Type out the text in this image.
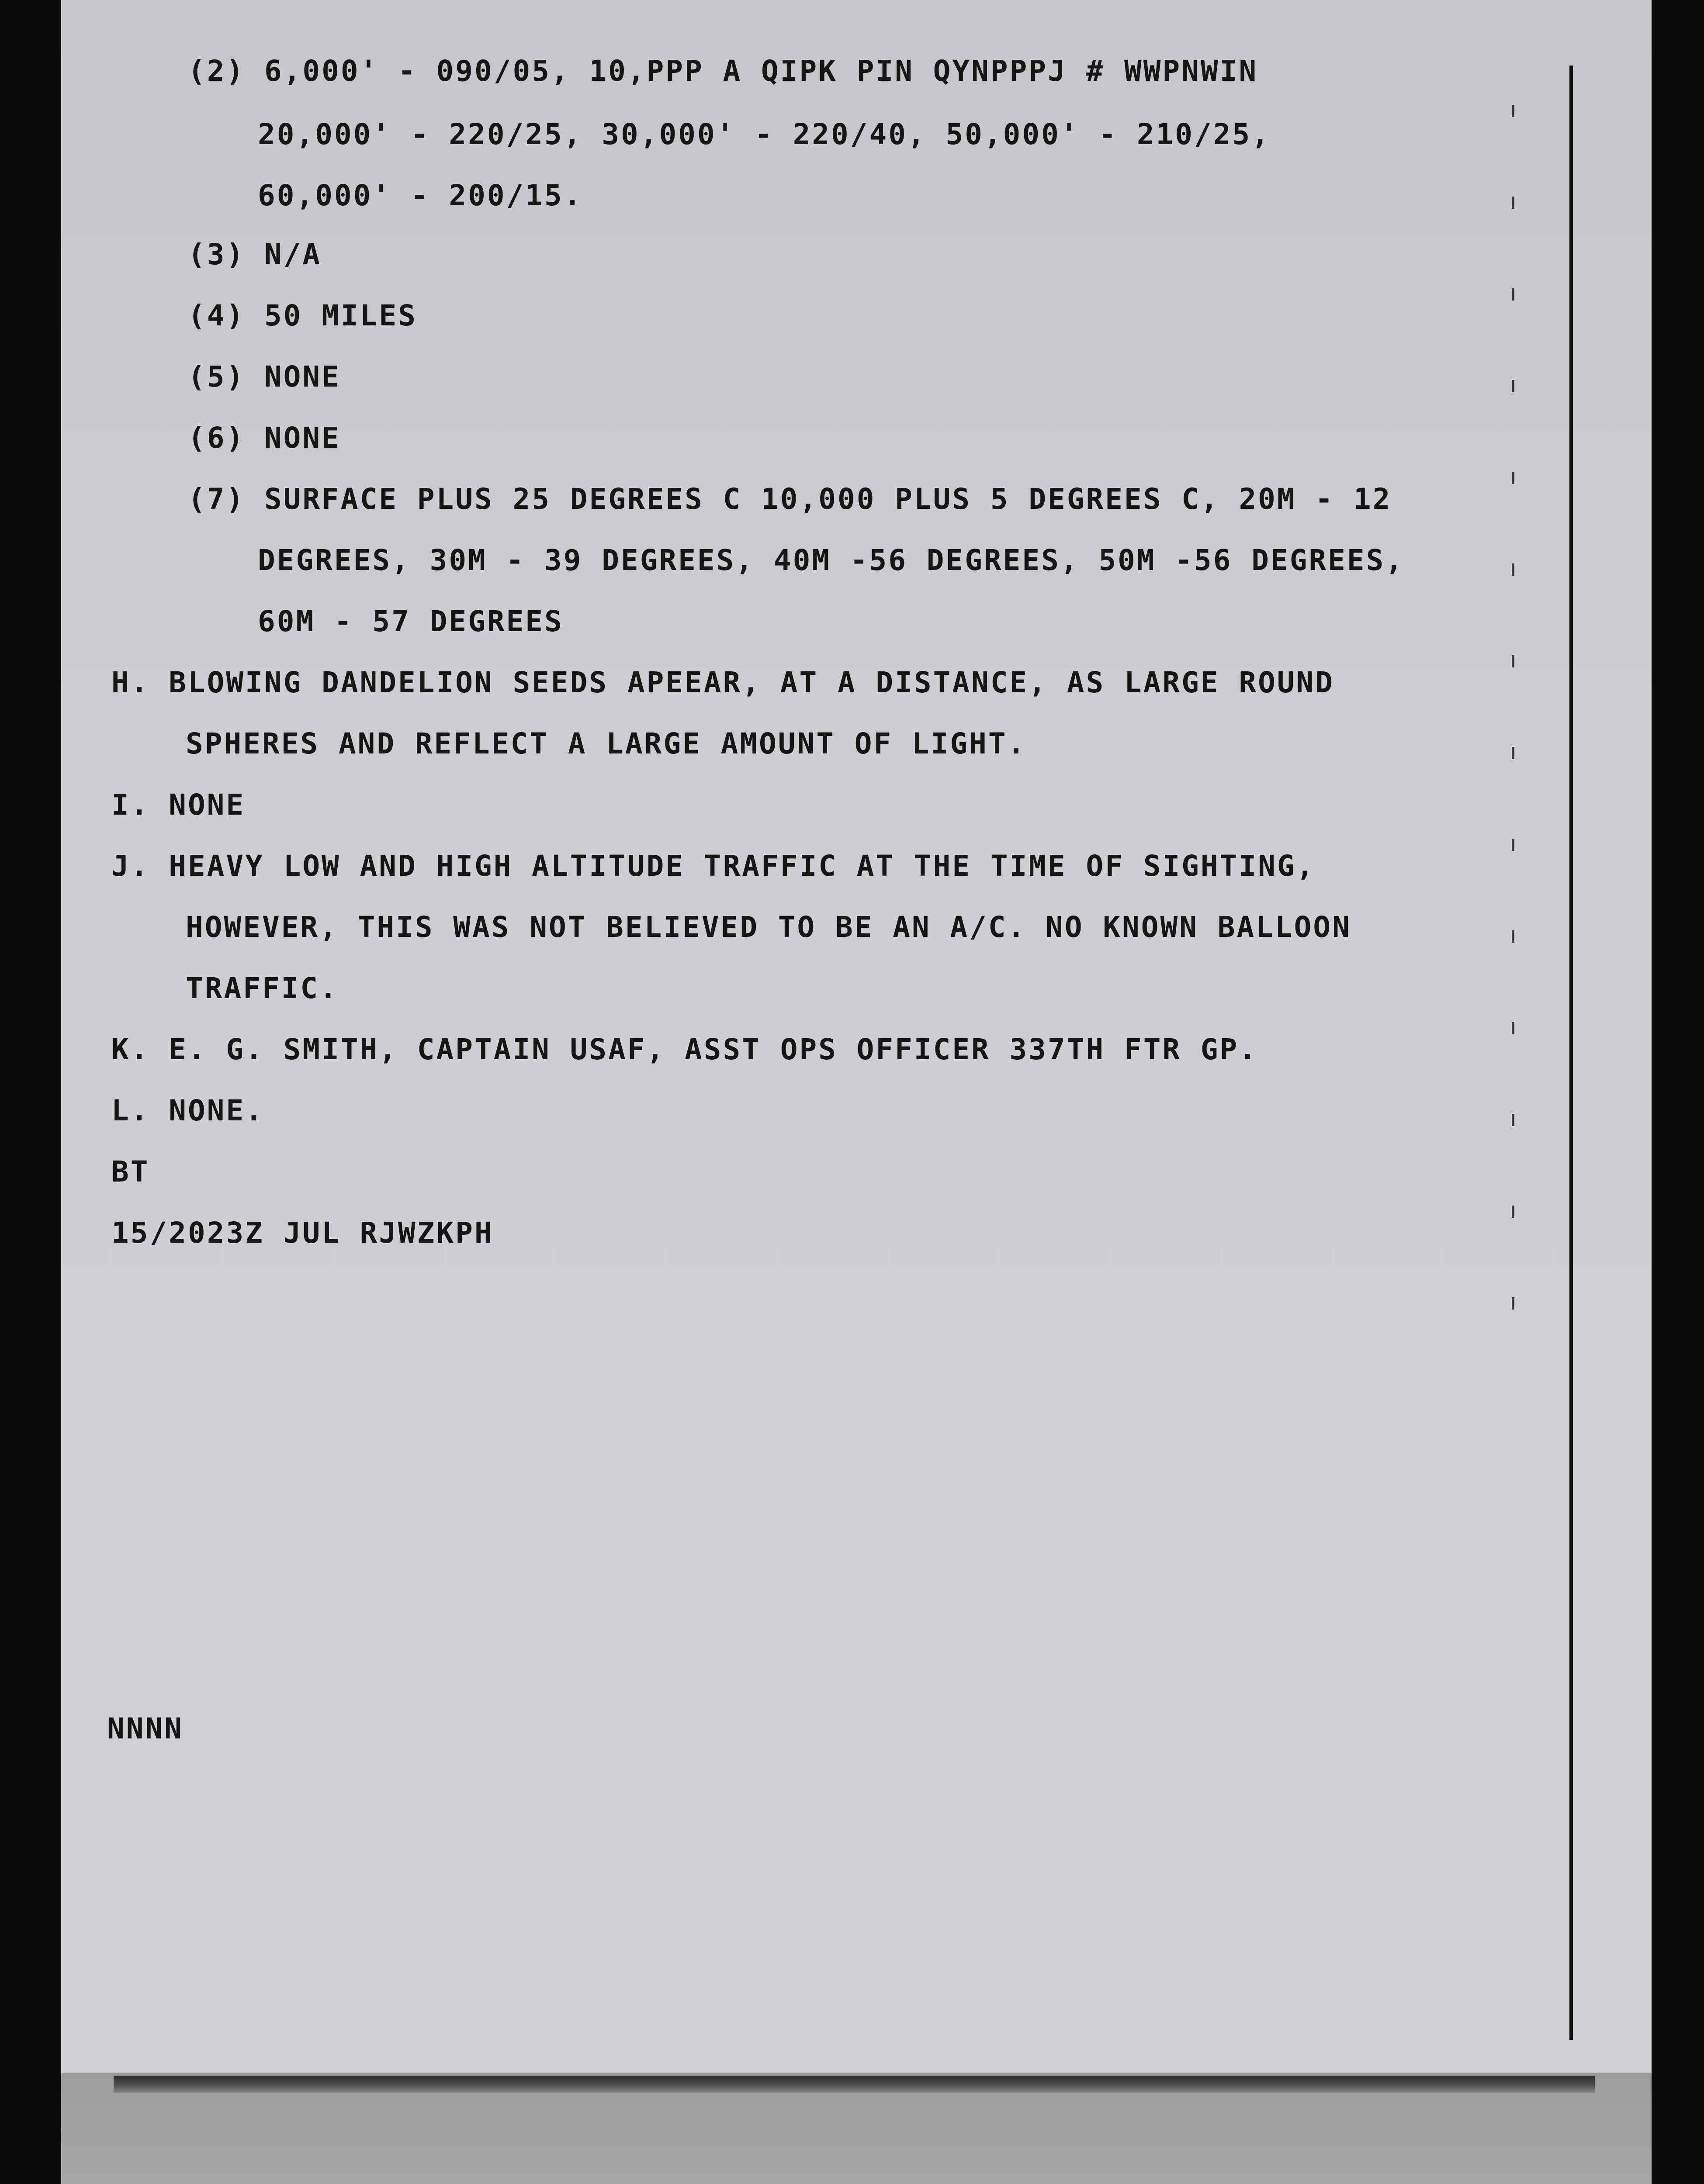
(2) 6,000' - 090/05, 10,PPP A QIPK PIN QYNPPPJ # WWPNWIN

20,000' - 220/25, 30,000' - 220/40, 50,000' - 210/25,

60,000' - 200/15.

(3) N/A

(4) 50 MILES

(5) NONE

(6) NONE

(7) SURFACE PLUS 25 DEGREES C 10,000 PLUS 5 DEGREES C, 20M - 12

DEGREES, 30M - 39 DEGREES, 40M -56 DEGREES, 50M -56 DEGREES,

60M - 57 DEGREES

H. BLOWING DANDELION SEEDS APEEAR, AT A DISTANCE, AS LARGE ROUND

SPHERES AND REFLECT A LARGE AMOUNT OF LIGHT.

I. NONE

J. HEAVY LOW AND HIGH ALTITUDE TRAFFIC AT THE TIME OF SIGHTING,

HOWEVER, THIS WAS NOT BELIEVED TO BE AN A/C. NO KNOWN BALLOON

TRAFFIC.

K. E. G. SMITH, CAPTAIN USAF, ASST OPS OFFICER 337TH FTR GP.

L. NONE.

BT

15/2023Z JUL RJWZKPH

NNNN
